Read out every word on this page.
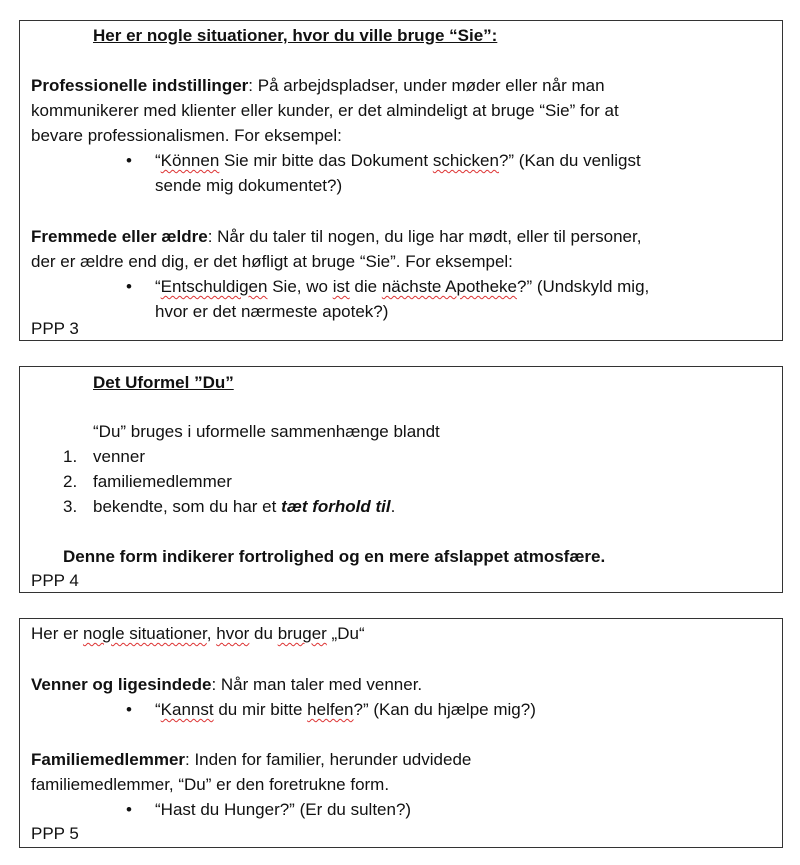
Her er nogle situationer, hvor du ville bruge “Sie”:
Professionelle indstillinger: På arbejdspladser, under møder eller når man
kommunikerer med klienter eller kunder, er det almindeligt at bruge “Sie” for at
bevare professionalismen. For eksempel:
• “Können Sie mir bitte das Dokument schicken?” (Kan du venligst
sende mig dokumentet?)
Fremmede eller ældre: Når du taler til nogen, du lige har mødt, eller til personer,
der er ældre end dig, er det høfligt at bruge “Sie”. For eksempel:
• “Entschuldigen Sie, wo ist die nächste Apotheke?” (Undskyld mig,
hvor er det nærmeste apotek?)
PPP 3
Det Uformel ”Du”
“Du” bruges i uformelle sammenhænge blandt
1. venner
2. familiemedlemmer
3. bekendte, som du har et tæt forhold til.
Denne form indikerer fortrolighed og en mere afslappet atmosfære.
PPP 4
Her er nogle situationer, hvor du bruger „Du“
Venner og ligesindede: Når man taler med venner.
• “Kannst du mir bitte helfen?” (Kan du hjælpe mig?)
Familiemedlemmer: Inden for familier, herunder udvidede
familiemedlemmer, “Du” er den foretrukne form.
• “Hast du Hunger?” (Er du sulten?)
PPP 5
